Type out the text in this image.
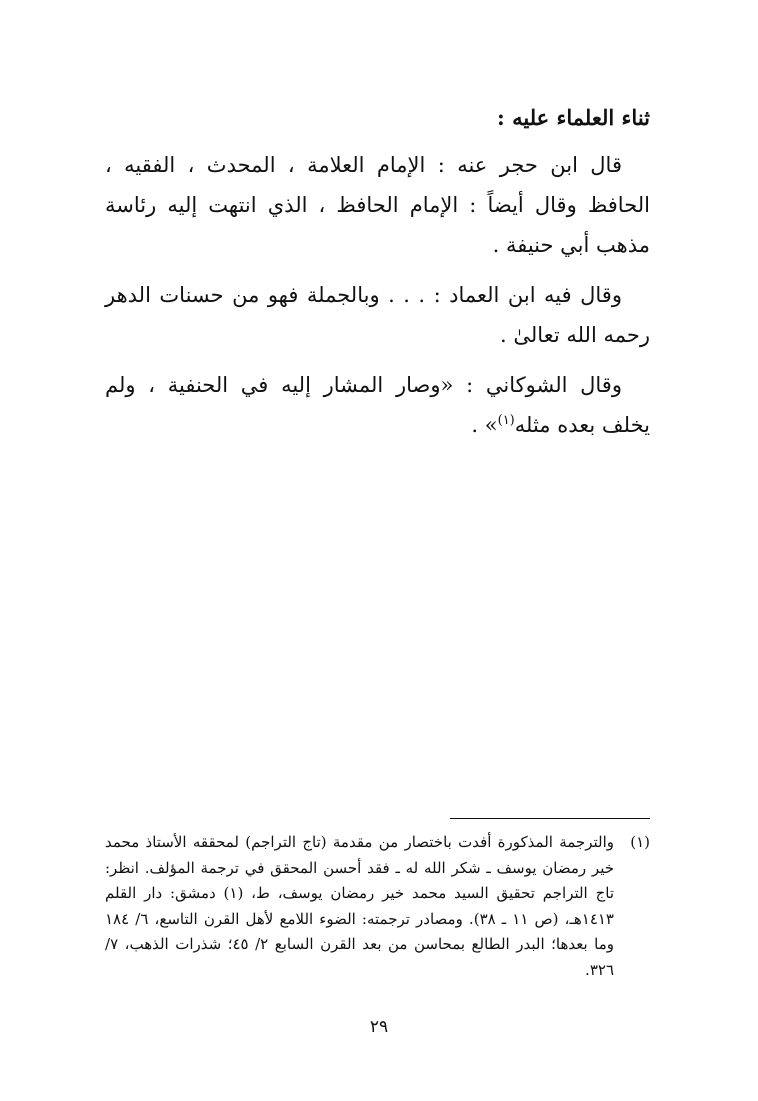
ثناء العلماء عليه :

قال ابن حجر عنه : الإمام العلامة ، المحدث ، الفقيه ، الحافظ وقال أيضاً : الإمام الحافظ ، الذي انتهت إليه رئاسة مذهب أبي حنيفة .

وقال فيه ابن العماد : . . . وبالجملة فهو من حسنات الدهر رحمه الله تعالىٰ .

وقال الشوكاني : «وصار المشار إليه في الحنفية ، ولم يخلف بعده مثله$^{(١)}$» .

(١)
والترجمة المذكورة أفدت باختصار من مقدمة (تاج التراجم) لمحققه الأستاذ محمد خير رمضان يوسف ـ شكر الله له ـ فقد أحسن المحقق في ترجمة المؤلف. انظر: تاج التراجم تحقيق السيد محمد خير رمضان يوسف، ط، (١) دمشق: دار القلم ١٤١٣هـ، (ص ١١ ـ ٣٨). ومصادر ترجمته: الضوء اللامع لأهل القرن التاسع، ٦/ ١٨٤ وما بعدها؛ البدر الطالع بمحاسن من بعد القرن السابع ٢/ ٤٥؛ شذرات الذهب، ٧/ ٣٢٦.
٢٩
